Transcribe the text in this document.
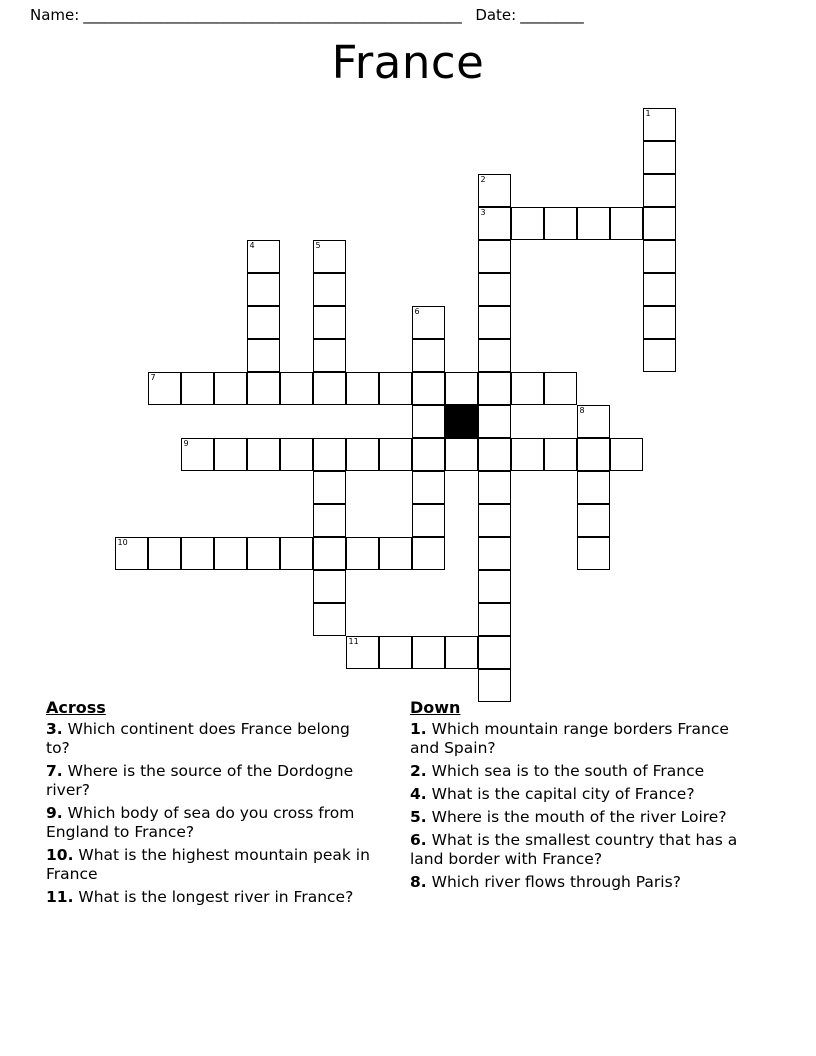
Name: ______________________________________________________ Date: _________
France
1
2
3
4	5
6
7
8
9
10
11
Across
3. Which continent does France belong to?
7. Where is the source of the Dordogne river?
9. Which body of sea do you cross from England to France?
10. What is the highest mountain peak in France
11. What is the longest river in France?
Down
1. Which mountain range borders France and Spain?
2. Which sea is to the south of France
4. What is the capital city of France?
5. Where is the mouth of the river Loire?
6. What is the smallest country that has a land border with France?
8. Which river flows through Paris?
